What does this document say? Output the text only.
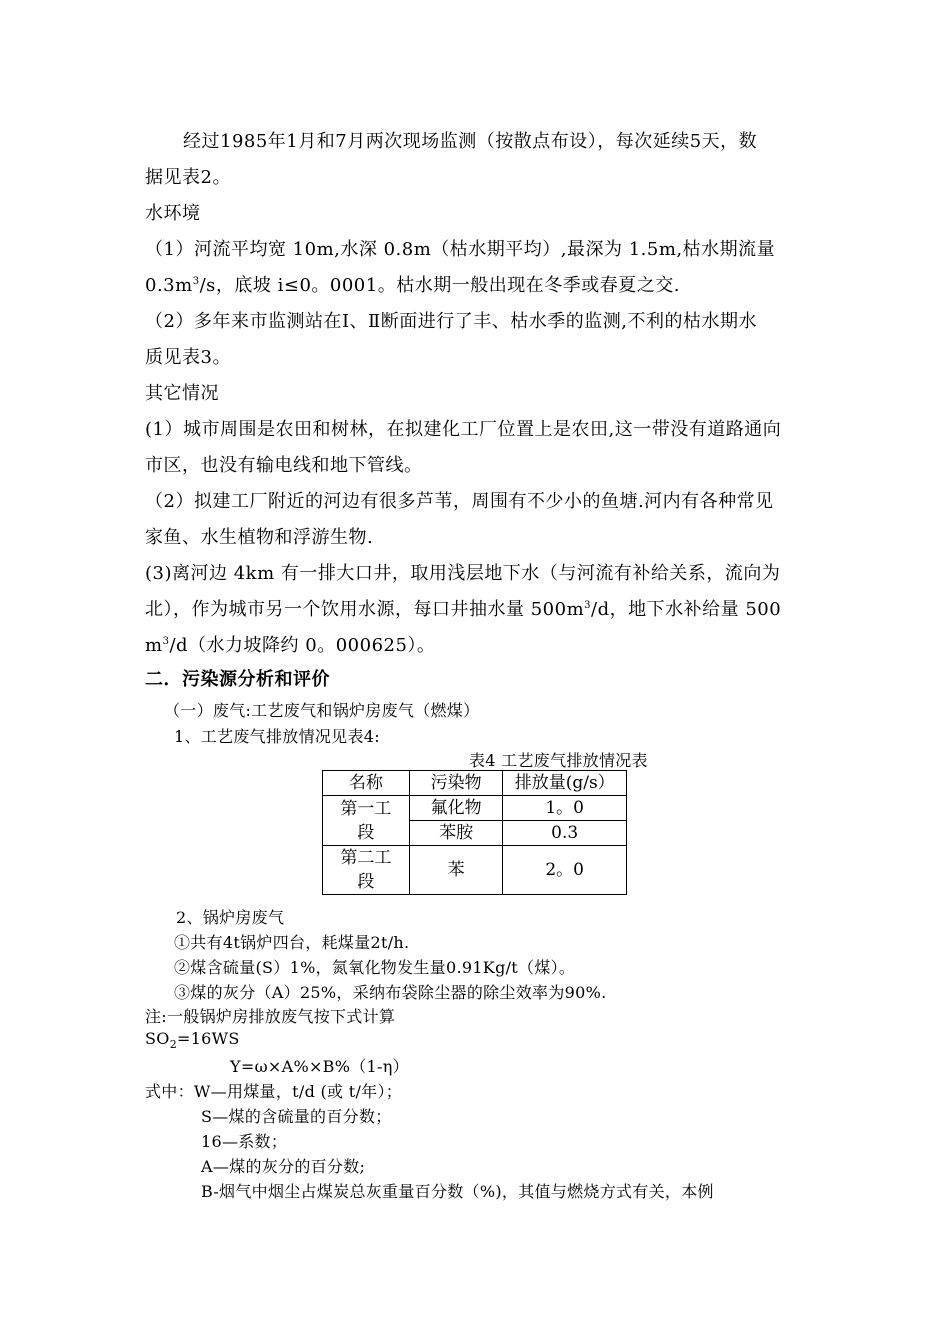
经过1985年1月和7月两次现场监测（按散点布设），每次延续5天，数
据见表2。
水环境
（1）河流平均宽 10m,水深 0.8m（枯水期平均）,最深为 1.5m,枯水期流量
$0.3m^3/s$，底坡 i≤0。0001。枯水期一般出现在冬季或春夏之交.
（2）多年来市监测站在Ⅰ、Ⅱ断面进行了丰、枯水季的监测,不利的枯水期水
质见表3。
其它情况
(1）城市周围是农田和树林，在拟建化工厂位置上是农田,这一带没有道路通向
市区，也没有输电线和地下管线。
（2）拟建工厂附近的河边有很多芦苇，周围有不少小的鱼塘.河内有各种常见
家鱼、水生植物和浮游生物.
(3)离河边 4km 有一排大口井，取用浅层地下水（与河流有补给关系，流向为
北），作为城市另一个饮用水源，每口井抽水量 $500m^3/d$，地下水补给量 500
$m^3/d$（水力坡降约 0。000625）。
二．污染源分析和评价
（一）废气:工艺废气和锅炉房废气（燃煤）
1、工艺废气排放情况见表4:
表4 工艺废气排放情况表
名称	污染物	排放量(g/s）
第一工段	氟化物	1。0
	苯胺	0.3
第二工段	苯	2。0
2、锅炉房废气
①共有4t锅炉四台，耗煤量2t/h.
②煤含硫量(S）1%，氮氧化物发生量0.91Kg/t（煤）。
③煤的灰分（A）25%，采纳布袋除尘器的除尘效率为90%.
注:一般锅炉房排放废气按下式计算
$SO_2=16WS$
Y=ω×A%×B%（1-η）
式中：W—用煤量，t/d (或 t/年）；
S—煤的含硫量的百分数；
16—系数；
A—煤的灰分的百分数;
B-烟气中烟尘占煤炭总灰重量百分数（%)，其值与燃烧方式有关，本例
